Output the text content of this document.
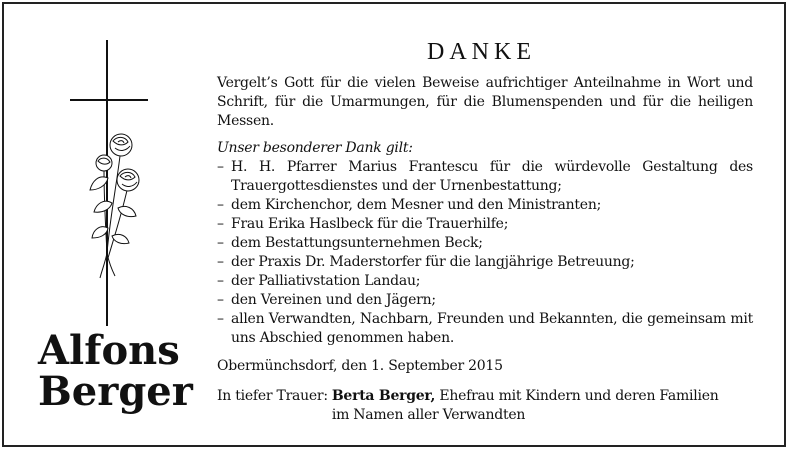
Alfons
Berger
DANKE

Vergelt’s Gott für die vielen Beweise aufrichtiger Anteilnahme in Wort und Schrift, für die Umarmungen, für die Blumenspenden und für die heiligen Messen.

Unser besonderer Dank gilt:

– H. H. Pfarrer Marius Frantescu für die würdevolle Gestaltung des Trauergottesdienstes und der Urnenbestattung;
– dem Kirchenchor, dem Mesner und den Ministranten;
– Frau Erika Haslbeck für die Trauerhilfe;
– dem Bestattungsunternehmen Beck;
– der Praxis Dr. Maderstorfer für die langjährige Betreuung;
– der Palliativstation Landau;
– den Vereinen und den Jägern;
– allen Verwandten, Nachbarn, Freunden und Bekannten, die gemeinsam mit uns Abschied genommen haben.

Obermünchsdorf, den 1. September 2015

In tiefer Trauer: Berta Berger, Ehefrau mit Kindern und deren Familien
im Namen aller Verwandten
